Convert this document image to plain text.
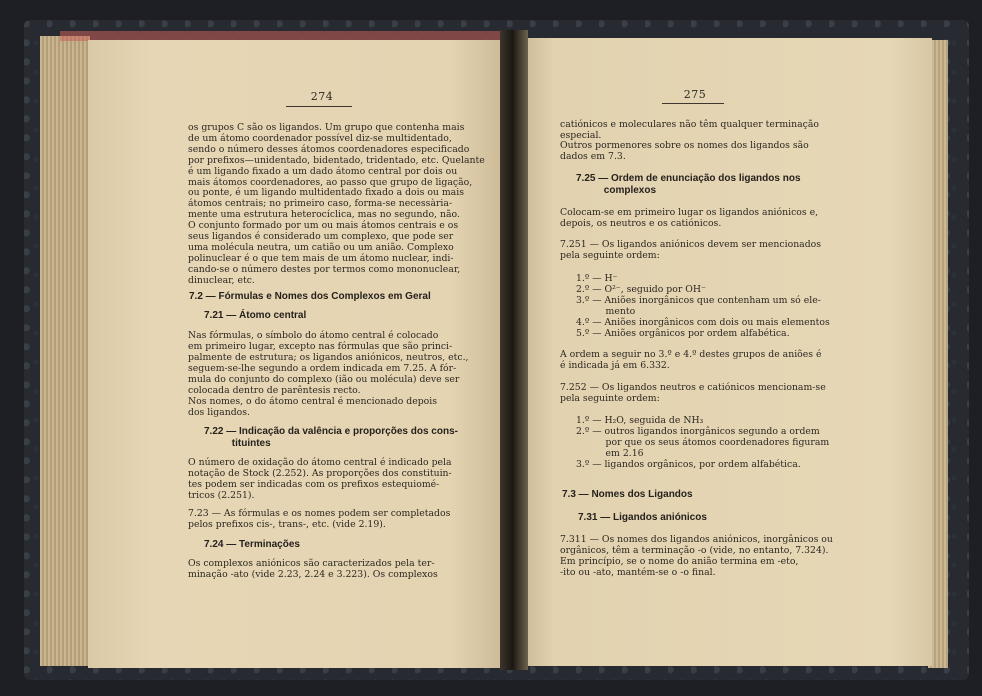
274
os grupos C são os ligandos. Um grupo que contenha mais
de um átomo coordenador possível diz-se multidentado,
sendo o número desses átomos coordenadores especificado
por prefixos—unidentado, bidentado, tridentado, etc. Quelante
é um ligando fixado a um dado átomo central por dois ou
mais átomos coordenadores, ao passo que grupo de ligação,
ou ponte, é um ligando multidentado fixado a dois ou mais
átomos centrais; no primeiro caso, forma-se necessària-
mente uma estrutura heterocíclica, mas no segundo, não.
O conjunto formado por um ou mais átomos centrais e os
seus ligandos é considerado um complexo, que pode ser
uma molécula neutra, um catião ou um anião. Complexo
polinuclear é o que tem mais de um átomo nuclear, indi-
cando-se o número destes por termos como mononuclear,
dinuclear, etc.
7.2 — Fórmulas e Nomes dos Complexos em Geral
7.21 — Átomo central
Nas fórmulas, o símbolo do átomo central é colocado
em primeiro lugar, excepto nas fórmulas que são princi-
palmente de estrutura; os ligandos aniónicos, neutros, etc.,
seguem-se-lhe segundo a ordem indicada em 7.25. A fór-
mula do conjunto do complexo (ião ou molécula) deve ser
colocada dentro de parêntesis recto.
Nos nomes, o do átomo central é mencionado depois
dos ligandos.
7.22 — Indicação da valência e proporções dos cons-
tituintes
O número de oxidação do átomo central é indicado pela
notação de Stock (2.252). As proporções dos constituin-
tes podem ser indicadas com os prefixos estequiomé-
tricos (2.251).
7.23 — As fórmulas e os nomes podem ser completados
pelos prefixos cis-, trans-, etc. (vide 2.19).
7.24 — Terminações
Os complexos aniónicos são caracterizados pela ter-
minação -ato (vide 2.23, 2.24 e 3.223). Os complexos
275
catiónicos e moleculares não têm qualquer terminação
especial.
Outros pormenores sobre os nomes dos ligandos são
dados em 7.3.
7.25 — Ordem de enunciação dos ligandos nos
complexos
Colocam-se em primeiro lugar os ligandos aniónicos e,
depois, os neutros e os catiónicos.
7.251 — Os ligandos aniónicos devem ser mencionados
pela seguinte ordem:
1.º — H⁻
2.º — O²⁻, seguido por OH⁻
3.º — Aniões inorgânicos que contenham um só ele-
mento
4.º — Aniões inorgânicos com dois ou mais elementos
5.º — Aniões orgânicos por ordem alfabética.
A ordem a seguir no 3.º e 4.º destes grupos de aniões é
é indicada já em 6.332.
7.252 — Os ligandos neutros e catiónicos mencionam-se
pela seguinte ordem:
1.º — H₂O, seguida de NH₃
2.º — outros ligandos inorgânicos segundo a ordem
por que os seus átomos coordenadores figuram
em 2.16
3.º — ligandos orgânicos, por ordem alfabética.
7.3 — Nomes dos Ligandos
7.31 — Ligandos aniónicos
7.311 — Os nomes dos ligandos aniónicos, inorgânicos ou
orgânicos, têm a terminação -o (vide, no entanto, 7.324).
Em princípio, se o nome do anião termina em -eto,
-ito ou -ato, mantém-se o -o final.
